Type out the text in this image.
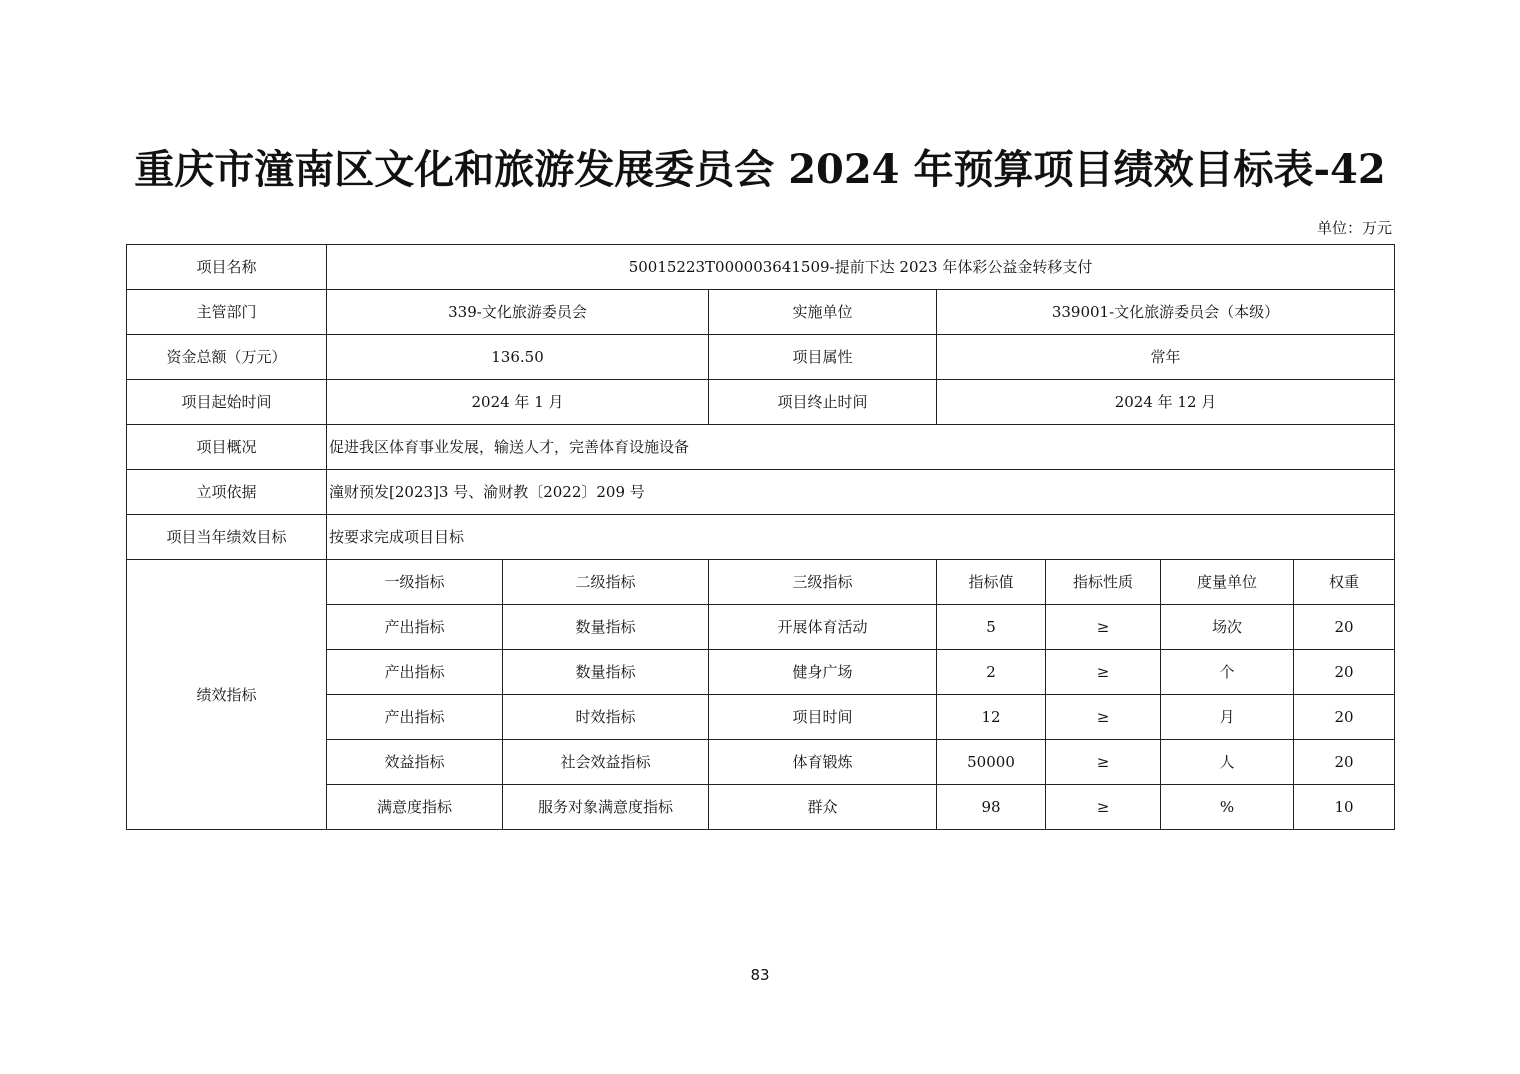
重庆市潼南区文化和旅游发展委员会 2024 年预算项目绩效目标表-42
单位：万元
项目名称	50015223T000003641509-提前下达 2023 年体彩公益金转移支付						
主管部门	339-文化旅游委员会		实施单位	339001-文化旅游委员会（本级）			
资金总额（万元）	136.50		项目属性	常年			
项目起始时间	2024 年 1 月		项目终止时间	2024 年 12 月			
项目概况	促进我区体育事业发展，输送人才，完善体育设施设备						
立项依据	潼财预发[2023]3 号、渝财教〔2022〕209 号						
项目当年绩效目标	按要求完成项目目标						
绩效指标	一级指标	二级指标	三级指标	指标值	指标性质	度量单位	权重
	产出指标	数量指标	开展体育活动	5	≥	场次	20
	产出指标	数量指标	健身广场	2	≥	个	20
	产出指标	时效指标	项目时间	12	≥	月	20
	效益指标	社会效益指标	体育锻炼	50000	≥	人	20
	满意度指标	服务对象满意度指标	群众	98	≥	%	10
83
